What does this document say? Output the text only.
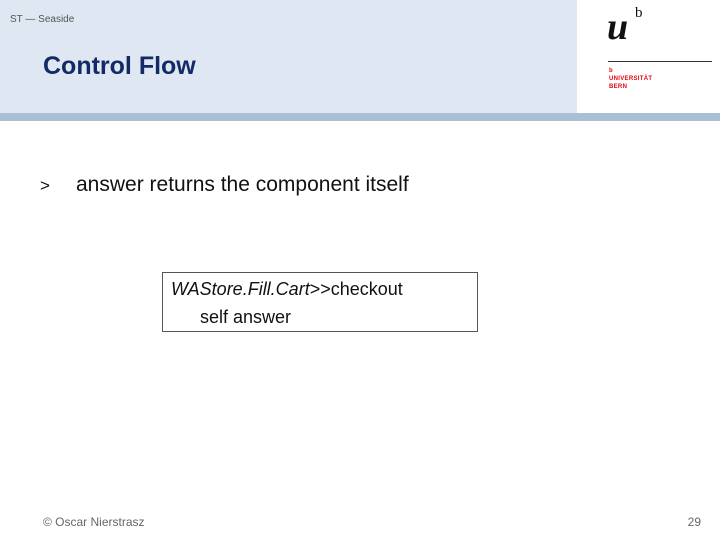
ST — Seaside
Control Flow
u b
b
UNIVERSITÄT
BERN
> answer returns the component itself
WAStore.Fill.Cart>>checkout
self answer
© Oscar Nierstrasz	29
